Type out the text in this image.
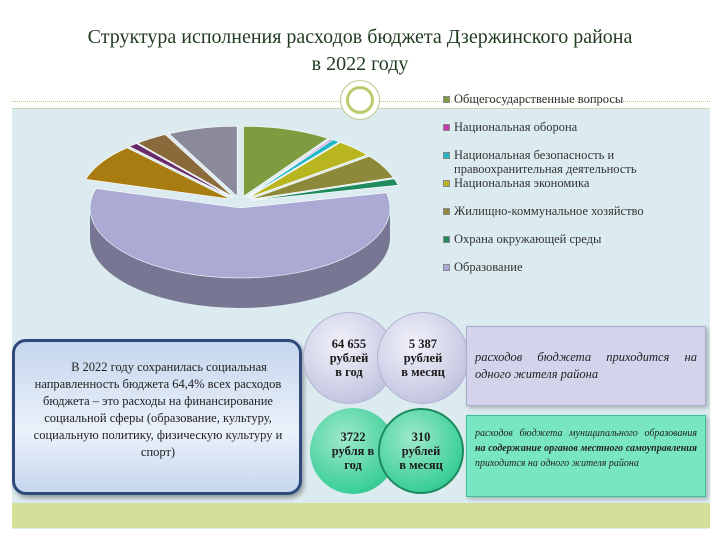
Структура исполнения расходов бюджета Дзержинского района
в 2022 году
Общегосударственные вопросы
Национальная оборона
Национальная безопасность и правоохранительная деятельность
Национальная экономика
Жилищно-коммунальное хозяйство
Охрана окружающей среды
Образование

В 2022 году сохранилась социальная направленность бюджета 64,4% всех расходов бюджета – это расходы на финансирование социальной сферы (образование, культуру, социальную политику, физическую культуру и спорт)

64 655
рублей
в год
5 387
рублей
в месяц
3722
рубля в
год
310
рублей
в месяц
расходов бюджета приходится на одного жителя района
расходов бюджета муниципального образования на содержание органов местного самоуправления приходится на одного жителя района
